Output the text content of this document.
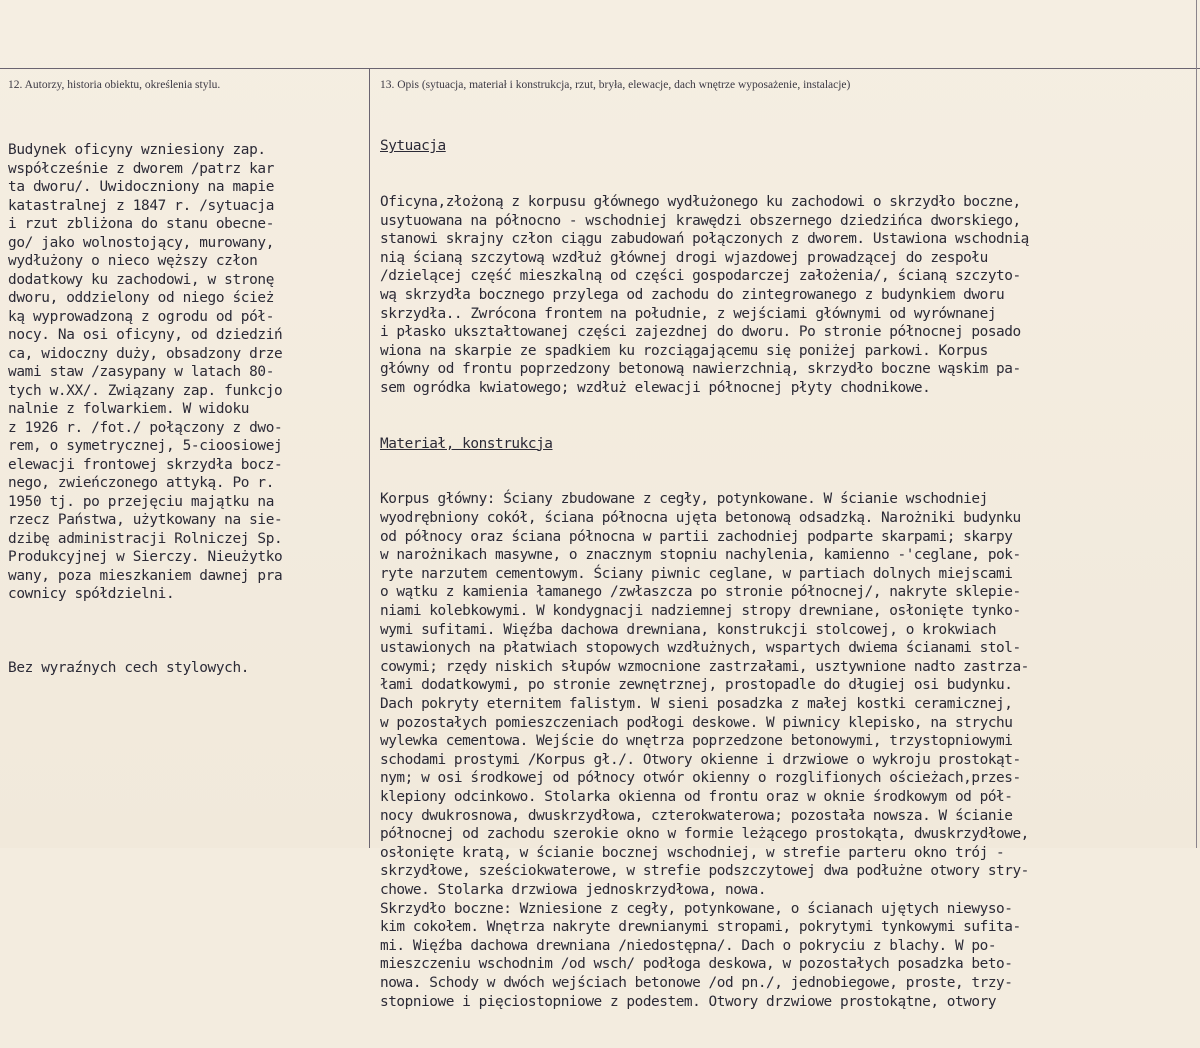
12. Autorzy, historia obiektu, określenia stylu.	13. Opis (sytuacja, materiał i konstrukcja, rzut, bryła, elewacje, dach wnętrze wyposażenie, instalacje)

Budynek oficyny wzniesiony zap.
współcześnie z dworem /patrz kar
ta dworu/. Uwidoczniony na mapie
katastralnej z 1847 r. /sytuacja
i rzut zbliżona do stanu obecne-
go/ jako wolnostojący, murowany,
wydłużony o nieco węższy człon
dodatkowy ku zachodowi, w stronę
dworu, oddzielony od niego ścież
ką wyprowadzoną z ogrodu od pół-
nocy. Na osi oficyny, od dziedziń
ca, widoczny duży, obsadzony drze
wami staw /zasypany w latach 80-
tych w.XX/. Związany zap. funkcjo
nalnie z folwarkiem. W widoku
z 1926 r. /fot./ połączony z dwo-
rem, o symetrycznej, 5-cioosiowej
elewacji frontowej skrzydła bocz-
nego, zwieńczonego attyką. Po r.
1950 tj. po przejęciu majątku na
rzecz Państwa, użytkowany na sie-
dzibę administracji Rolniczej Sp.
Produkcyjnej w Sierczy. Nieużytko
wany, poza mieszkaniem dawnej pra
cownicy spółdzielni.

Bez wyraźnych cech stylowych.

Sytuacja

Oficyna,złożoną z korpusu głównego wydłużonego ku zachodowi o skrzydło boczne,
usytuowana na północno - wschodniej krawędzi obszernego dziedzińca dworskiego,
stanowi skrajny człon ciągu zabudowań połączonych z dworem. Ustawiona wschodnią
nią ścianą szczytową wzdłuż głównej drogi wjazdowej prowadzącej do zespołu
/dzielącej część mieszkalną od części gospodarczej założenia/, ścianą szczyto-
wą skrzydła bocznego przylega od zachodu do zintegrowanego z budynkiem dworu
skrzydła.. Zwrócona frontem na południe, z wejściami głównymi od wyrównanej
i płasko ukształtowanej części zajezdnej do dworu. Po stronie północnej posado
wiona na skarpie ze spadkiem ku rozciągającemu się poniżej parkowi. Korpus
główny od frontu poprzedzony betonową nawierzchnią, skrzydło boczne wąskim pa-
sem ogródka kwiatowego; wzdłuż elewacji północnej płyty chodnikowe.

Materiał, konstrukcja

Korpus główny: Ściany zbudowane z cegły, potynkowane. W ścianie wschodniej
wyodrębniony cokół, ściana północna ujęta betonową odsadzką. Narożniki budynku
od północy oraz ściana północna w partii zachodniej podparte skarpami; skarpy
w narożnikach masywne, o znacznym stopniu nachylenia, kamienno -'ceglane, pok-
ryte narzutem cementowym. Ściany piwnic ceglane, w partiach dolnych miejscami
o wątku z kamienia łamanego /zwłaszcza po stronie północnej/, nakryte sklepie-
niami kolebkowymi. W kondygnacji nadziemnej stropy drewniane, osłonięte tynko-
wymi sufitami. Więźba dachowa drewniana, konstrukcji stolcowej, o krokwiach
ustawionych na płatwiach stopowych wzdłużnych, wspartych dwiema ścianami stol-
cowymi; rzędy niskich słupów wzmocnione zastrzałami, usztywnione nadto zastrza-
łami dodatkowymi, po stronie zewnętrznej, prostopadle do długiej osi budynku.
Dach pokryty eternitem falistym. W sieni posadzka z małej kostki ceramicznej,
w pozostałych pomieszczeniach podłogi deskowe. W piwnicy klepisko, na strychu
wylewka cementowa. Wejście do wnętrza poprzedzone betonowymi, trzystopniowymi
schodami prostymi /Korpus gł./. Otwory okienne i drzwiowe o wykroju prostokąt-
nym; w osi środkowej od północy otwór okienny o rozglifionych ościeżach,przes-
klepiony odcinkowo. Stolarka okienna od frontu oraz w oknie środkowym od pół-
nocy dwukrosnowa, dwuskrzydłowa, czterokwaterowa; pozostała nowsza. W ścianie
północnej od zachodu szerokie okno w formie leżącego prostokąta, dwuskrzydłowe,
osłonięte kratą, w ścianie bocznej wschodniej, w strefie parteru okno trój -
skrzydłowe, sześciokwaterowe, w strefie podszczytowej dwa podłużne otwory stry-
chowe. Stolarka drzwiowa jednoskrzydłowa, nowa.
Skrzydło boczne: Wzniesione z cegły, potynkowane, o ścianach ujętych niewyso-
kim cokołem. Wnętrza nakryte drewnianymi stropami, pokrytymi tynkowymi sufita-
mi. Więźba dachowa drewniana /niedostępna/. Dach o pokryciu z blachy. W po-
mieszczeniu wschodnim /od wsch/ podłoga deskowa, w pozostałych posadzka beto-
nowa. Schody w dwóch wejściach betonowe /od pn./, jednobiegowe, proste, trzy-
stopniowe i pięciostopniowe z podestem. Otwory drzwiowe prostokątne, otwory
